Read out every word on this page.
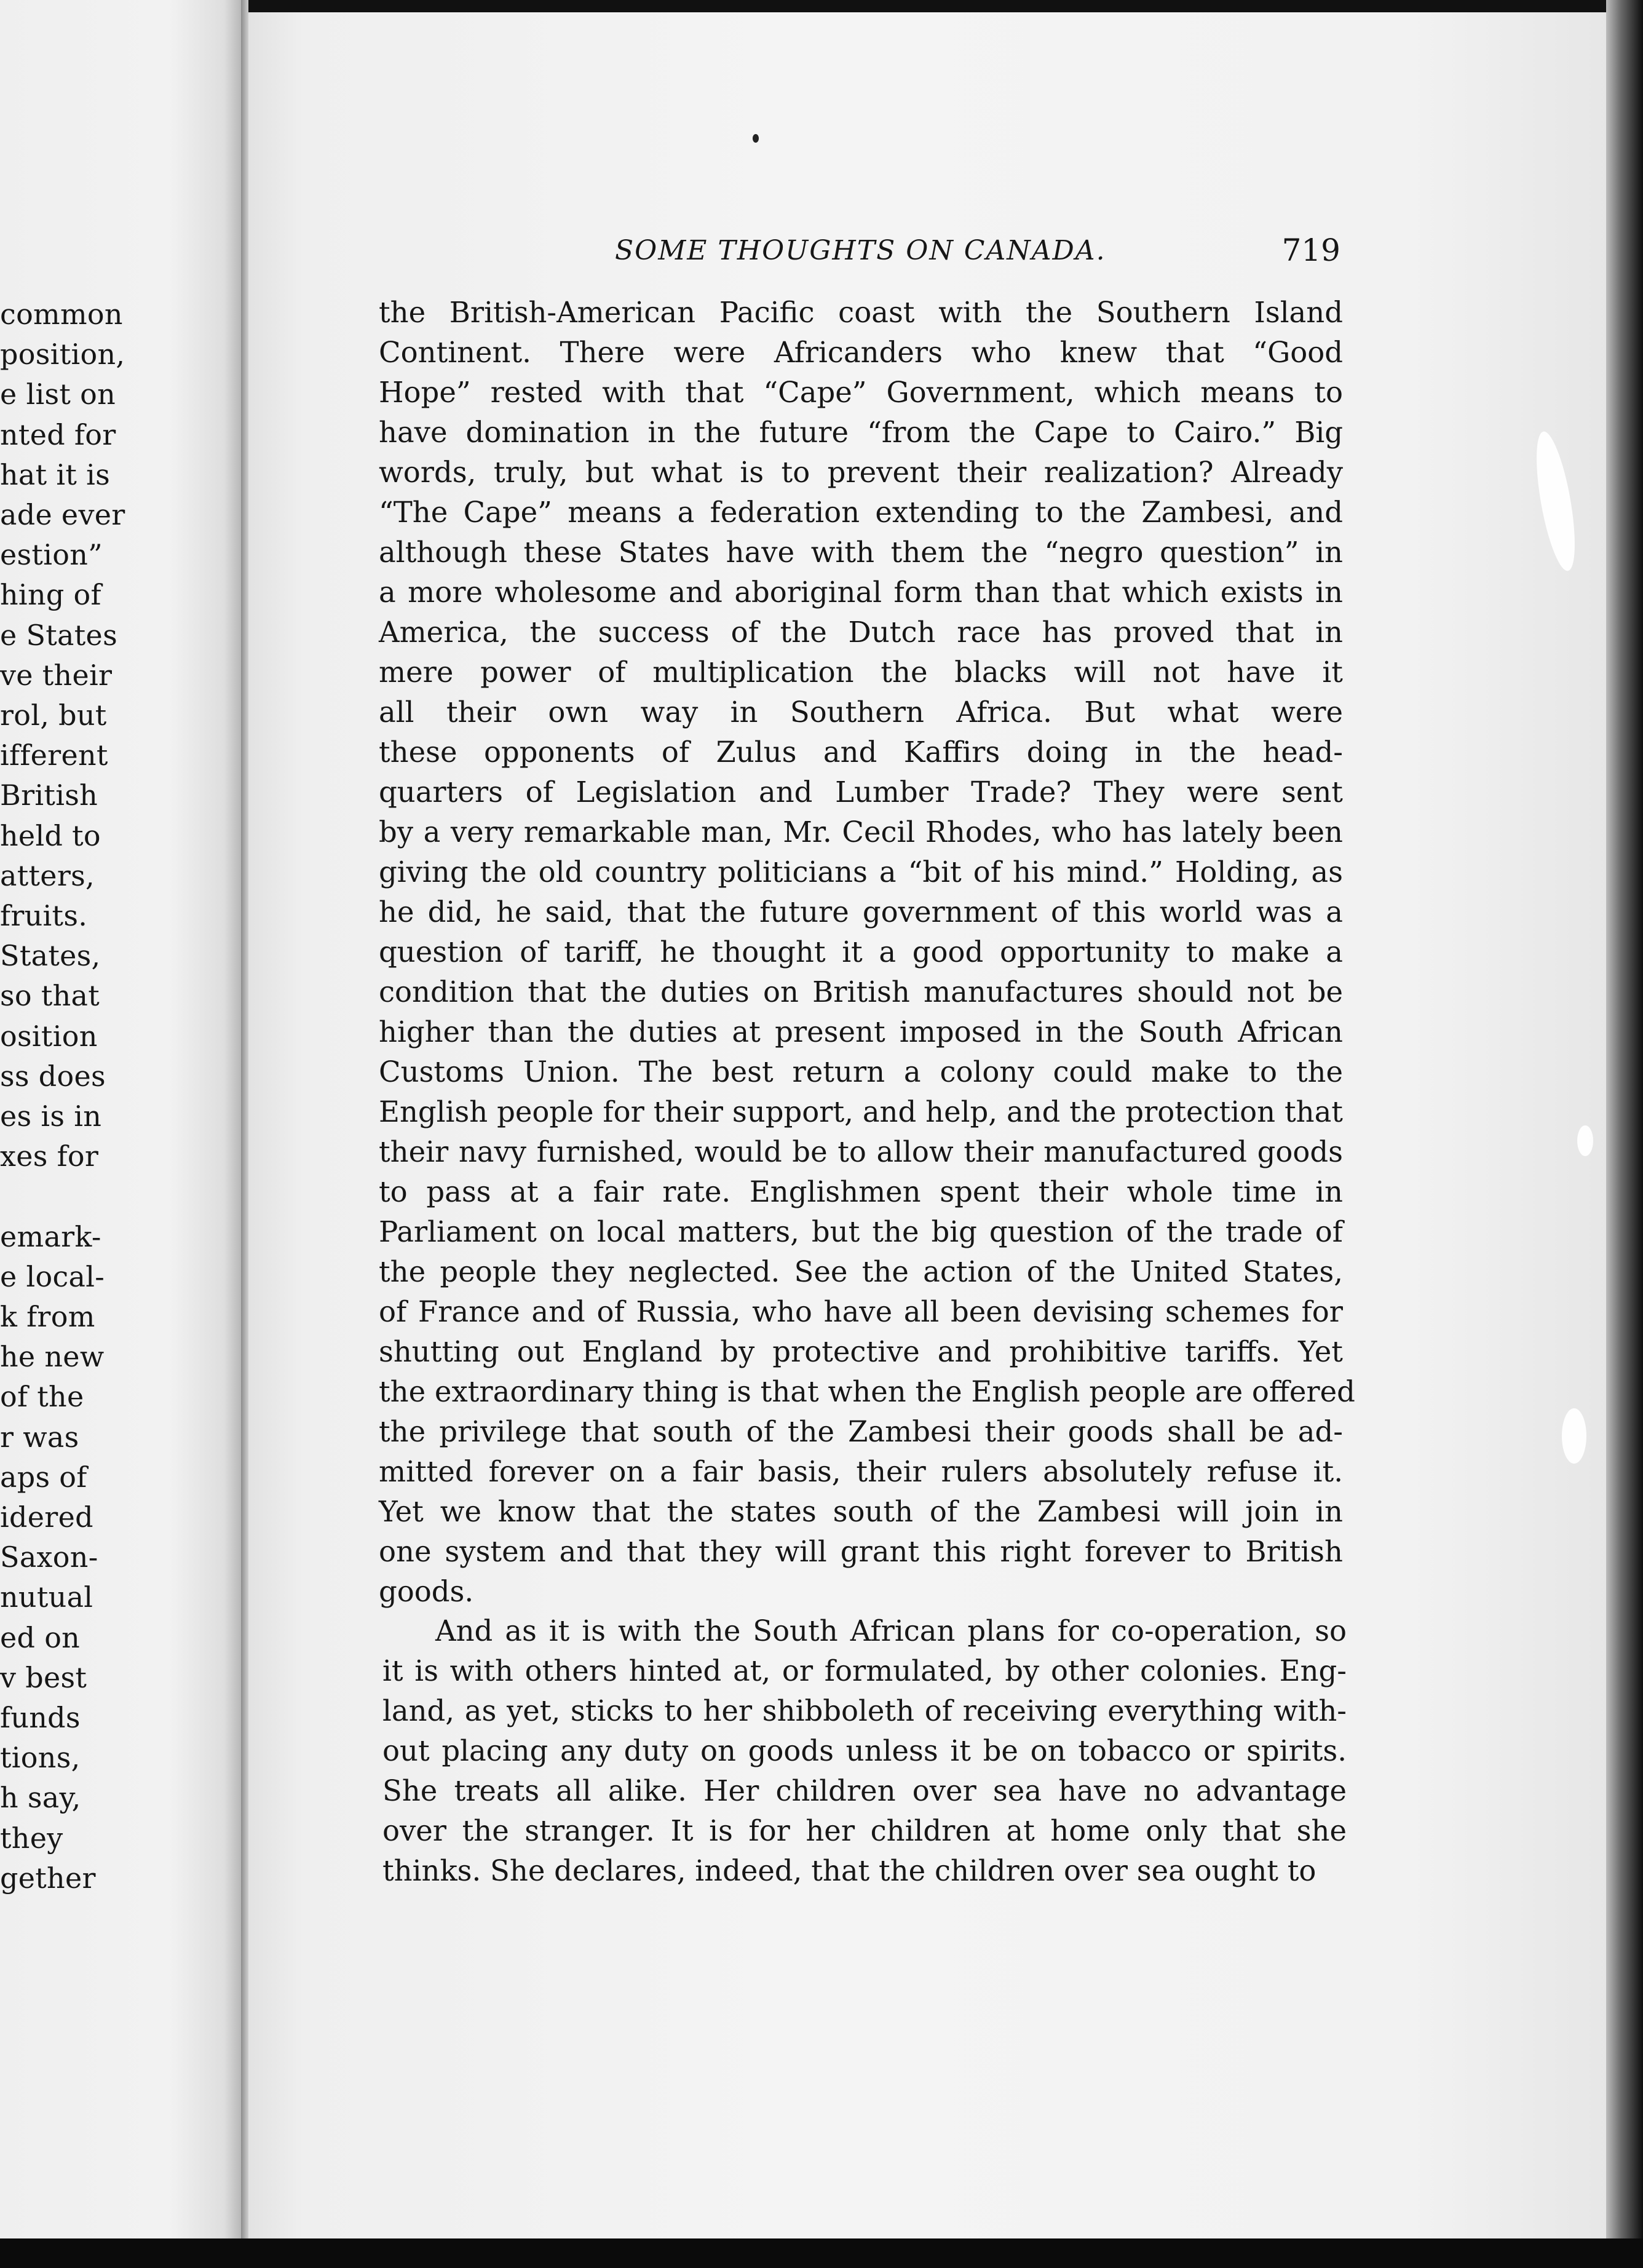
common
position,
e list on
nted for
hat it is
ade ever
estion”
hing of
e States
ve their
rol, but
ifferent
British
held to
atters,
fruits.
States,
so that
osition
ss does
es is in
xes for
emark-
e local-
k from
he new
of the
r was
aps of
idered
Saxon-
nutual
ed on
v best
funds
tions,
h say,
they
gether
SOME THOUGHTS ON CANADA.	719
the British-American Pacific coast with the Southern Island
Continent. There were Africanders who knew that “Good
Hope” rested with that “Cape” Government, which means to
have domination in the future “from the Cape to Cairo.” Big
words, truly, but what is to prevent their realization? Already
“The Cape” means a federation extending to the Zambesi, and
although these States have with them the “negro question” in
a more wholesome and aboriginal form than that which exists in
America, the success of the Dutch race has proved that in
mere power of multiplication the blacks will not have it
all their own way in Southern Africa. But what were
these opponents of Zulus and Kaffirs doing in the head-
quarters of Legislation and Lumber Trade? They were sent
by a very remarkable man, Mr. Cecil Rhodes, who has lately been
giving the old country politicians a “bit of his mind.” Holding, as
he did, he said, that the future government of this world was a
question of tariff, he thought it a good opportunity to make a
condition that the duties on British manufactures should not be
higher than the duties at present imposed in the South African
Customs Union. The best return a colony could make to the
English people for their support, and help, and the protection that
their navy furnished, would be to allow their manufactured goods
to pass at a fair rate. Englishmen spent their whole time in
Parliament on local matters, but the big question of the trade of
the people they neglected. See the action of the United States,
of France and of Russia, who have all been devising schemes for
shutting out England by protective and prohibitive tariffs. Yet
the extraordinary thing is that when the English people are offered
the privilege that south of the Zambesi their goods shall be ad-
mitted forever on a fair basis, their rulers absolutely refuse it.
Yet we know that the states south of the Zambesi will join in
one system and that they will grant this right forever to British
goods.
And as it is with the South African plans for co-operation, so
it is with others hinted at, or formulated, by other colonies. Eng-
land, as yet, sticks to her shibboleth of receiving everything with-
out placing any duty on goods unless it be on tobacco or spirits.
She treats all alike. Her children over sea have no advantage
over the stranger. It is for her children at home only that she
thinks. She declares, indeed, that the children over sea ought to
